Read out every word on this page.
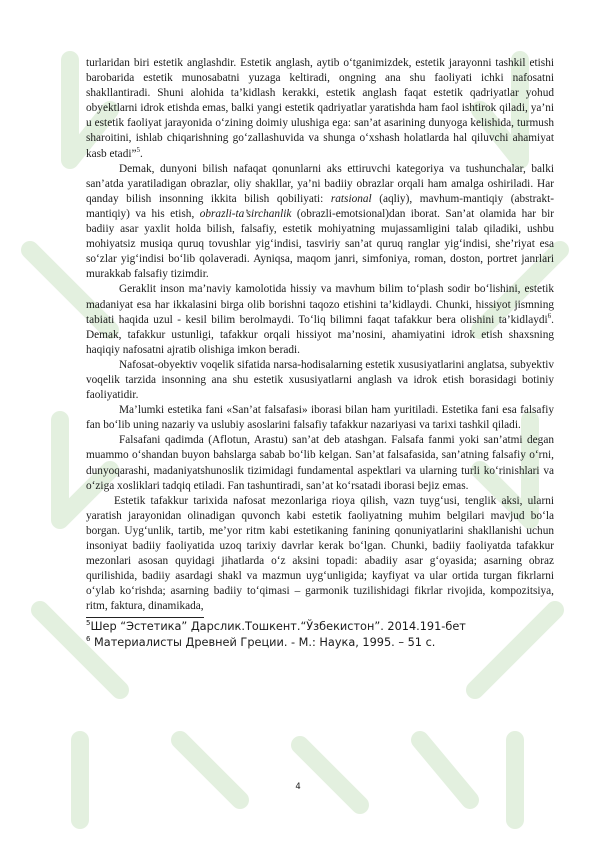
turlaridan biri estetik anglashdir. Estetik anglash, aytib o‘tganimizdek, estetik jarayonni tashkil etishi barobarida estetik munosabatni yuzaga keltiradi, ongning ana shu faoliyati ichki nafosatni shakllantiradi. Shuni alohida ta’kidlash kerakki, estetik anglash faqat estetik qadriyatlar yohud obyektlarni idrok etishda emas, balki yangi estetik qadriyatlar yaratishda ham faol ishtirok qiladi, ya’ni u estetik faoliyat jarayonida o‘zining doimiy ulushiga ega: san’at asarining dunyoga kelishida, turmush sharoitini, ishlab chiqarishning go‘zallashuvida va shunga o‘xshash holatlarda hal qiluvchi ahamiyat kasb etadi”$^5$.

Demak, dunyoni bilish nafaqat qonunlarni aks ettiruvchi kategoriya va tushunchalar, balki san’atda yaratiladigan obrazlar, oliy shakllar, ya’ni badiiy obrazlar orqali ham amalga oshiriladi. Har qanday bilish insonning ikkita bilish qobiliyati: ratsional (aqliy), mavhum-mantiqiy (abstrakt-mantiqiy) va his etish, obrazli-ta’sirchanlik (obrazli-emotsional)dan iborat. San’at olamida har bir badiiy asar yaxlit holda bilish, falsafiy, estetik mohiyatning mujassamligini talab qiladiki, ushbu mohiyatsiz musiqa quruq tovushlar yig‘indisi, tasviriy san’at quruq ranglar yig‘indisi, she’riyat esa so‘zlar yig‘indisi bo‘lib qolaveradi. Ayniqsa, maqom janri, simfoniya, roman, doston, portret janrlari murakkab falsafiy tizimdir.

Geraklit inson ma’naviy kamolotida hissiy va mavhum bilim to‘plash sodir bo‘lishini, estetik madaniyat esa har ikkalasini birga olib borishni taqozo etishini ta’kidlaydi. Chunki, hissiyot jismning tabiati haqida uzul - kesil bilim berolmaydi. To‘liq bilimni faqat tafakkur bera olishini ta’kidlaydi$^6$. Demak, tafakkur ustunligi, tafakkur orqali hissiyot ma’nosini, ahamiyatini idrok etish shaxsning haqiqiy nafosatni ajratib olishiga imkon beradi.

Nafosat-obyektiv voqelik sifatida narsa-hodisalarning estetik xususiyatlarini anglatsa, subyektiv voqelik tarzida insonning ana shu estetik xususiyatlarni anglash va idrok etish borasidagi botiniy faoliyatidir.

Ma’lumki estetika fani «San’at falsafasi» iborasi bilan ham yuritiladi. Estetika fani esa falsafiy fan bo‘lib uning nazariy va uslubiy asoslarini falsafiy tafakkur nazariyasi va tarixi tashkil qiladi.

Falsafani qadimda (Aflotun, Arastu) san’at deb atashgan. Falsafa fanmi yoki san’atmi degan muammo o‘shandan buyon bahslarga sabab bo‘lib kelgan. San’at falsafasida, san’atning falsafiy o‘rni, dunyoqarashi, madaniyatshunoslik tizimidagi fundamental aspektlari va ularning turli ko‘rinishlari va o‘ziga xosliklari tadqiq etiladi. Fan tashuntiradi, san’at ko‘rsatadi iborasi bejiz emas.

Estetik tafakkur tarixida nafosat mezonlariga rioya qilish, vazn tuyg‘usi, tenglik aksi, ularni yaratish jarayonidan olinadigan quvonch kabi estetik faoliyatning muhim belgilari mavjud bo‘la borgan. Uyg‘unlik, tartib, me’yor ritm kabi estetikaning fanining qonuniyatlarini shakllanishi uchun insoniyat badiiy faoliyatida uzoq tarixiy davrlar kerak bo‘lgan. Chunki, badiiy faoliyatda tafakkur mezonlari asosan quyidagi jihatlarda o‘z aksini topadi: abadiiy asar g‘oyasida; asarning obraz qurilishida, badiiy asardagi shakl va mazmun uyg‘unligida; kayfiyat va ular ortida turgan fikrlarni o‘ylab ko‘rishda; asarning badiiy to‘qimasi – garmonik tuzilishidagi fikrlar rivojida, kompozitsiya, ritm, faktura, dinamikada,

$^5$Шер “Эстетика” Дарслик.Тошкент.“Ўзбекистон”. 2014.191-бет

$^6$ Материалисты Древней Греции. - М.: Наука, 1995. – 51 с.

4
